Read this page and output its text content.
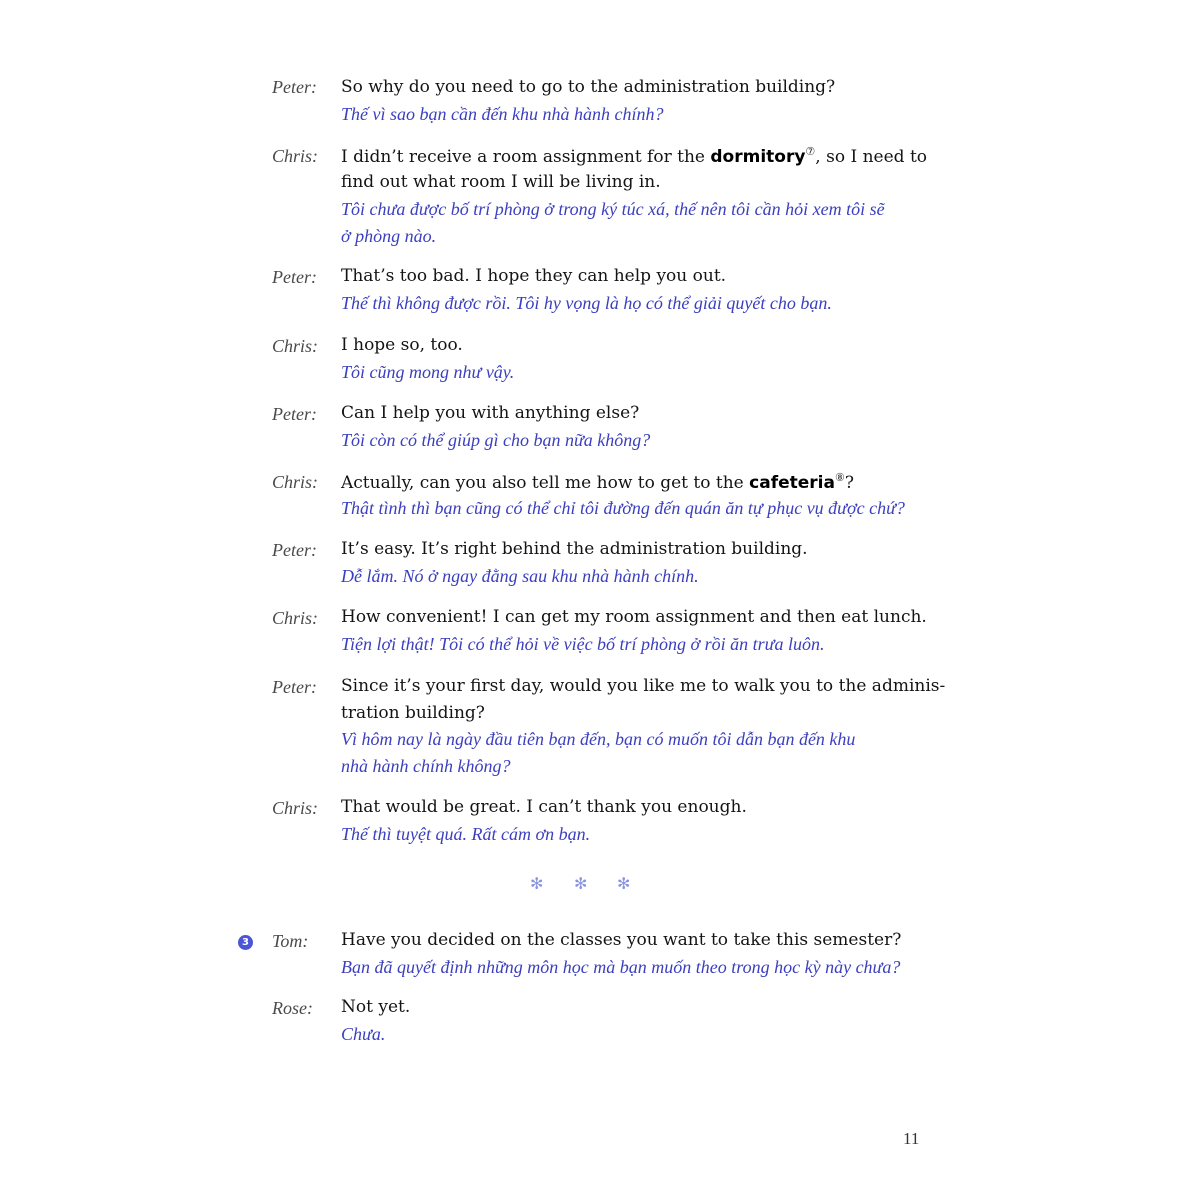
Peter:	So why do you need to go to the administration building?
Thế vì sao bạn cần đến khu nhà hành chính?
Chris:	I didn’t receive a room assignment for the dormitory⑦, so I need to
find out what room I will be living in.
Tôi chưa được bố trí phòng ở trong ký túc xá, thế nên tôi cần hỏi xem tôi sẽ
ở phòng nào.
Peter:	That’s too bad. I hope they can help you out.
Thế thì không được rồi. Tôi hy vọng là họ có thể giải quyết cho bạn.
Chris:	I hope so, too.
Tôi cũng mong như vậy.
Peter:	Can I help you with anything else?
Tôi còn có thể giúp gì cho bạn nữa không?
Chris:	Actually, can you also tell me how to get to the cafeteria⑧?
Thật tình thì bạn cũng có thể chỉ tôi đường đến quán ăn tự phục vụ được chứ?
Peter:	It’s easy. It’s right behind the administration building.
Dễ lắm. Nó ở ngay đằng sau khu nhà hành chính.
Chris:	How convenient! I can get my room assignment and then eat lunch.
Tiện lợi thật! Tôi có thể hỏi về việc bố trí phòng ở rồi ăn trưa luôn.
Peter:	Since it’s your first day, would you like me to walk you to the adminis-
tration building?
Vì hôm nay là ngày đầu tiên bạn đến, bạn có muốn tôi dẫn bạn đến khu
nhà hành chính không?
Chris:	That would be great. I can’t thank you enough.
Thế thì tuyệt quá. Rất cám ơn bạn.
✻ ✻ ✻
3 Tom:	Have you decided on the classes you want to take this semester?
Bạn đã quyết định những môn học mà bạn muốn theo trong học kỳ này chưa?
Rose:	Not yet.
Chưa.
11
